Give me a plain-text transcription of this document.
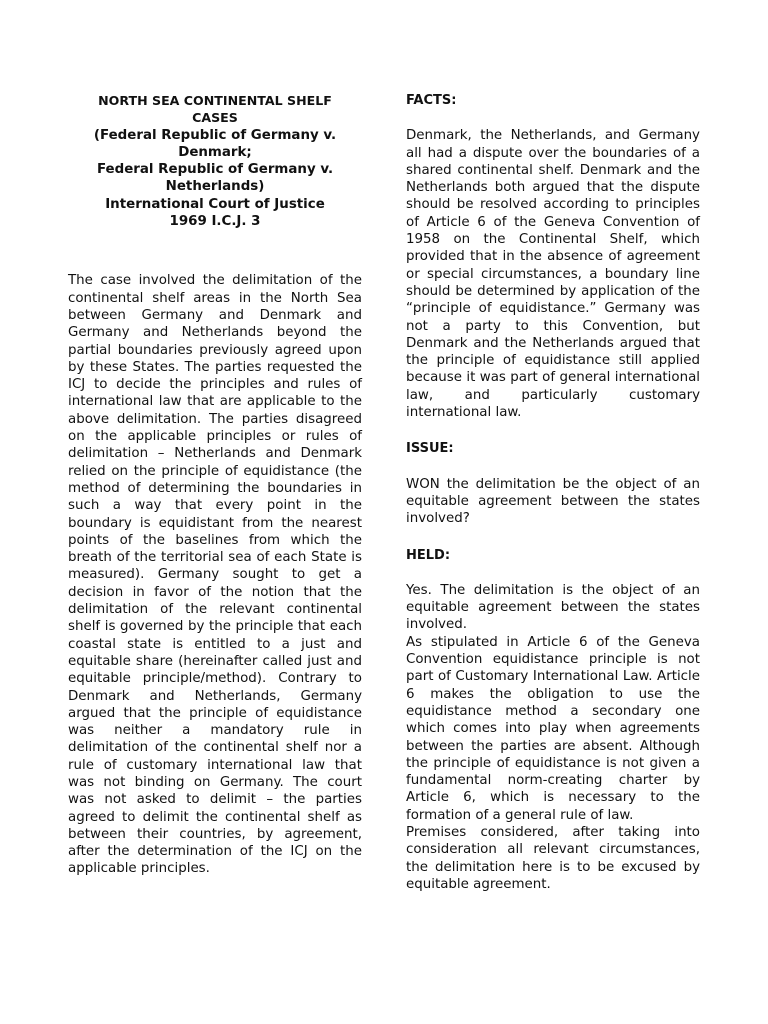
NORTH SEA CONTINENTAL SHELF
CASES
(Federal Republic of Germany v.
Denmark;
Federal Republic of Germany v.
Netherlands)
International Court of Justice
1969 I.C.J. 3

The case involved the delimitation of the continental shelf areas in the North Sea between Germany and Denmark and Germany and Netherlands beyond the partial boundaries previously agreed upon by these States. The parties requested the ICJ to decide the principles and rules of international law that are applicable to the above delimitation. The parties disagreed on the applicable principles or rules of delimitation – Netherlands and Denmark relied on the principle of equidistance (the method of determining the boundaries in such a way that every point in the boundary is equidistant from the nearest points of the baselines from which the breath of the territorial sea of each State is measured). Germany sought to get a decision in favor of the notion that the delimitation of the relevant continental shelf is governed by the principle that each coastal state is entitled to a just and equitable share (hereinafter called just and equitable principle/method). Contrary to Denmark and Netherlands, Germany argued that the principle of equidistance was neither a mandatory rule in delimitation of the continental shelf nor a rule of customary international law that was not binding on Germany. The court was not asked to delimit – the parties agreed to delimit the continental shelf as between their countries, by agreement, after the determination of the ICJ on the applicable principles.

FACTS:

Denmark, the Netherlands, and Germany all had a dispute over the boundaries of a shared continental shelf. Denmark and the Netherlands both argued that the dispute should be resolved according to principles of Article 6 of the Geneva Convention of 1958 on the Continental Shelf, which provided that in the absence of agreement or special circumstances, a boundary line should be determined by application of the “principle of equidistance.” Germany was not a party to this Convention, but Denmark and the Netherlands argued that the principle of equidistance still applied because it was part of general international law, and particularly customary international law.

ISSUE:

WON the delimitation be the object of an equitable agreement between the states involved?

HELD:

Yes. The delimitation is the object of an equitable agreement between the states involved.

As stipulated in Article 6 of the Geneva Convention equidistance principle is not part of Customary International Law. Article 6 makes the obligation to use the equidistance method a secondary one which comes into play when agreements between the parties are absent. Although the principle of equidistance is not given a fundamental norm-creating charter by Article 6, which is necessary to the formation of a general rule of law.

Premises considered, after taking into consideration all relevant circumstances, the delimitation here is to be excused by equitable agreement.
